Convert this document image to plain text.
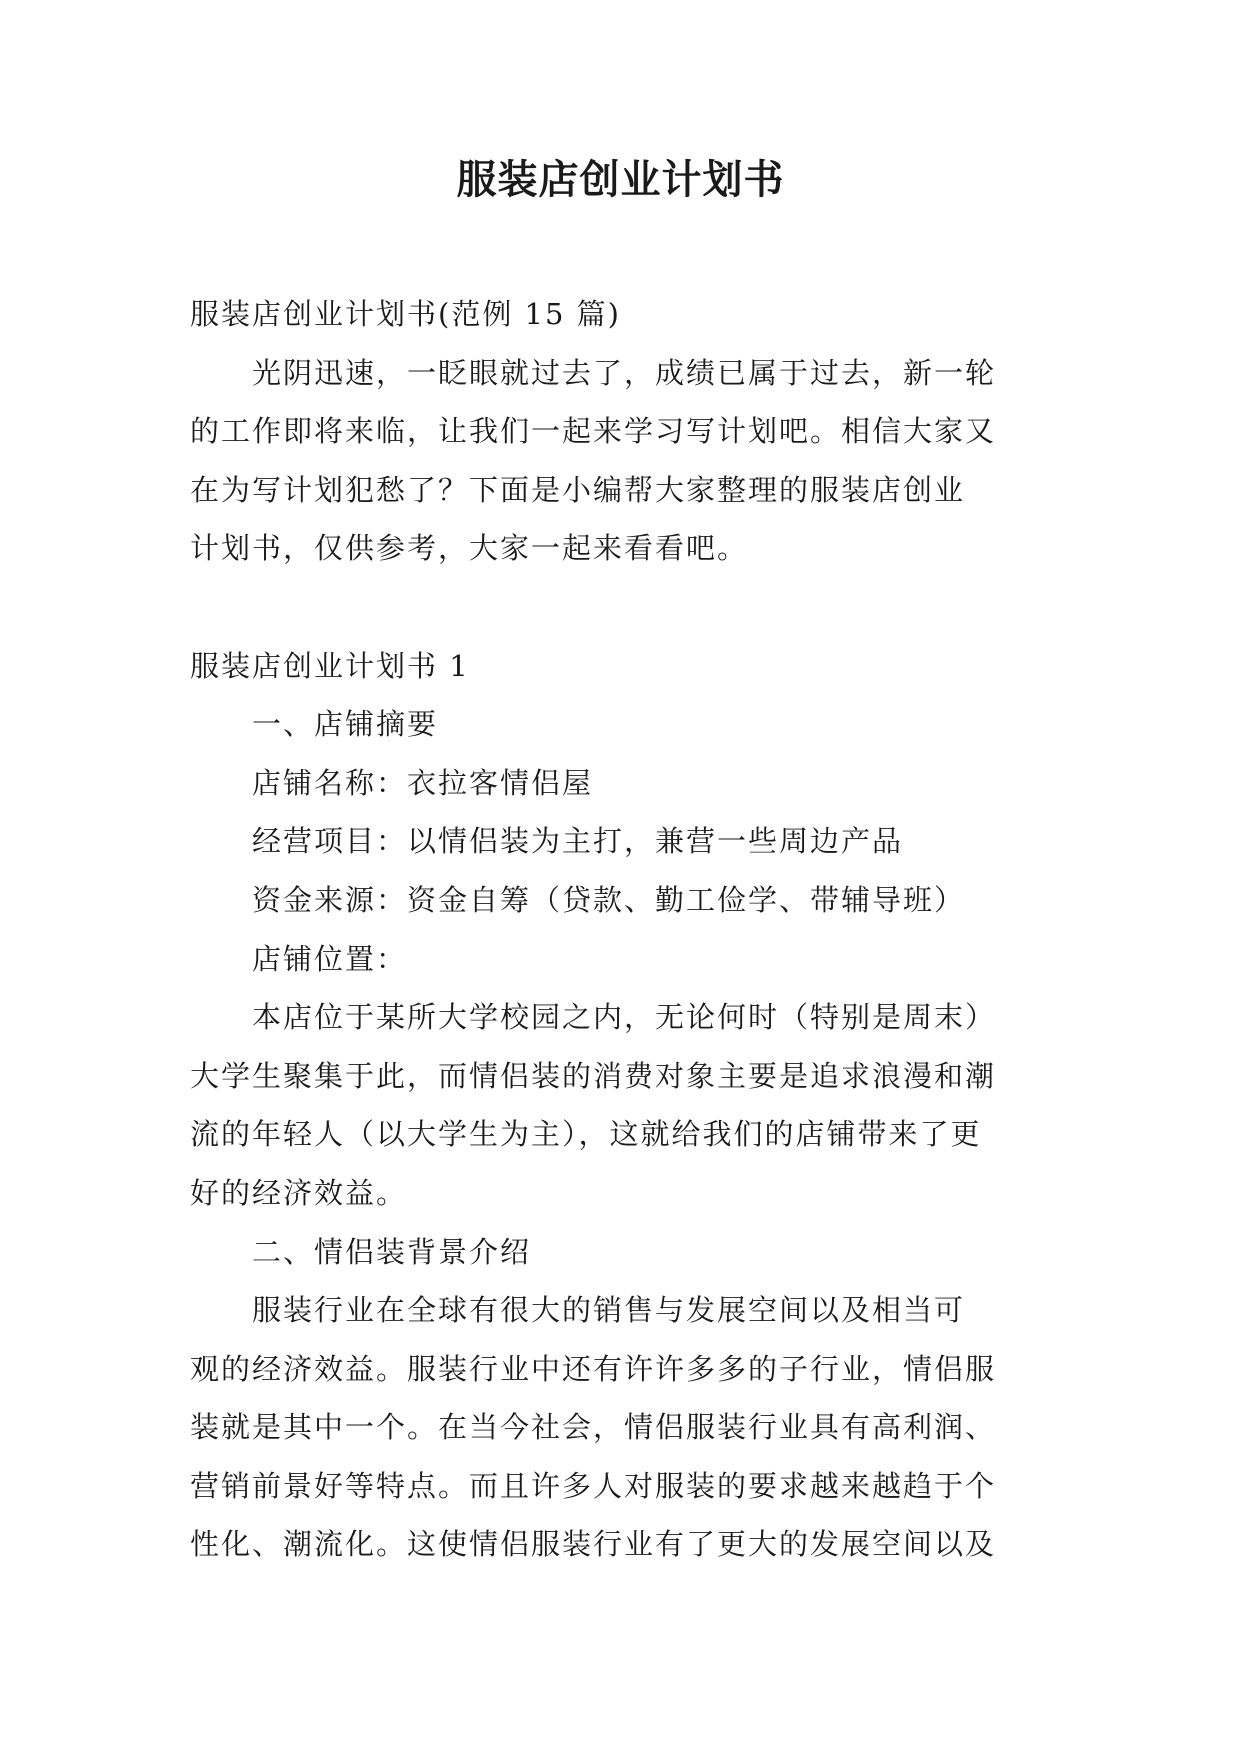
服装店创业计划书

服装店创业计划书(范例 15 篇)

光阴迅速，一眨眼就过去了，成绩已属于过去，新一轮

的工作即将来临，让我们一起来学习写计划吧。相信大家又

在为写计划犯愁了？下面是小编帮大家整理的服装店创业

计划书，仅供参考，大家一起来看看吧。

服装店创业计划书 1

一、店铺摘要

店铺名称：衣拉客情侣屋

经营项目：以情侣装为主打，兼营一些周边产品

资金来源：资金自筹（贷款、勤工俭学、带辅导班）

店铺位置：

本店位于某所大学校园之内，无论何时（特别是周末）

大学生聚集于此，而情侣装的消费对象主要是追求浪漫和潮

流的年轻人（以大学生为主），这就给我们的店铺带来了更

好的经济效益。

二、情侣装背景介绍

服装行业在全球有很大的销售与发展空间以及相当可

观的经济效益。服装行业中还有许许多多的子行业，情侣服

装就是其中一个。在当今社会，情侣服装行业具有高利润、

营销前景好等特点。而且许多人对服装的要求越来越趋于个

性化、潮流化。这使情侣服装行业有了更大的发展空间以及
